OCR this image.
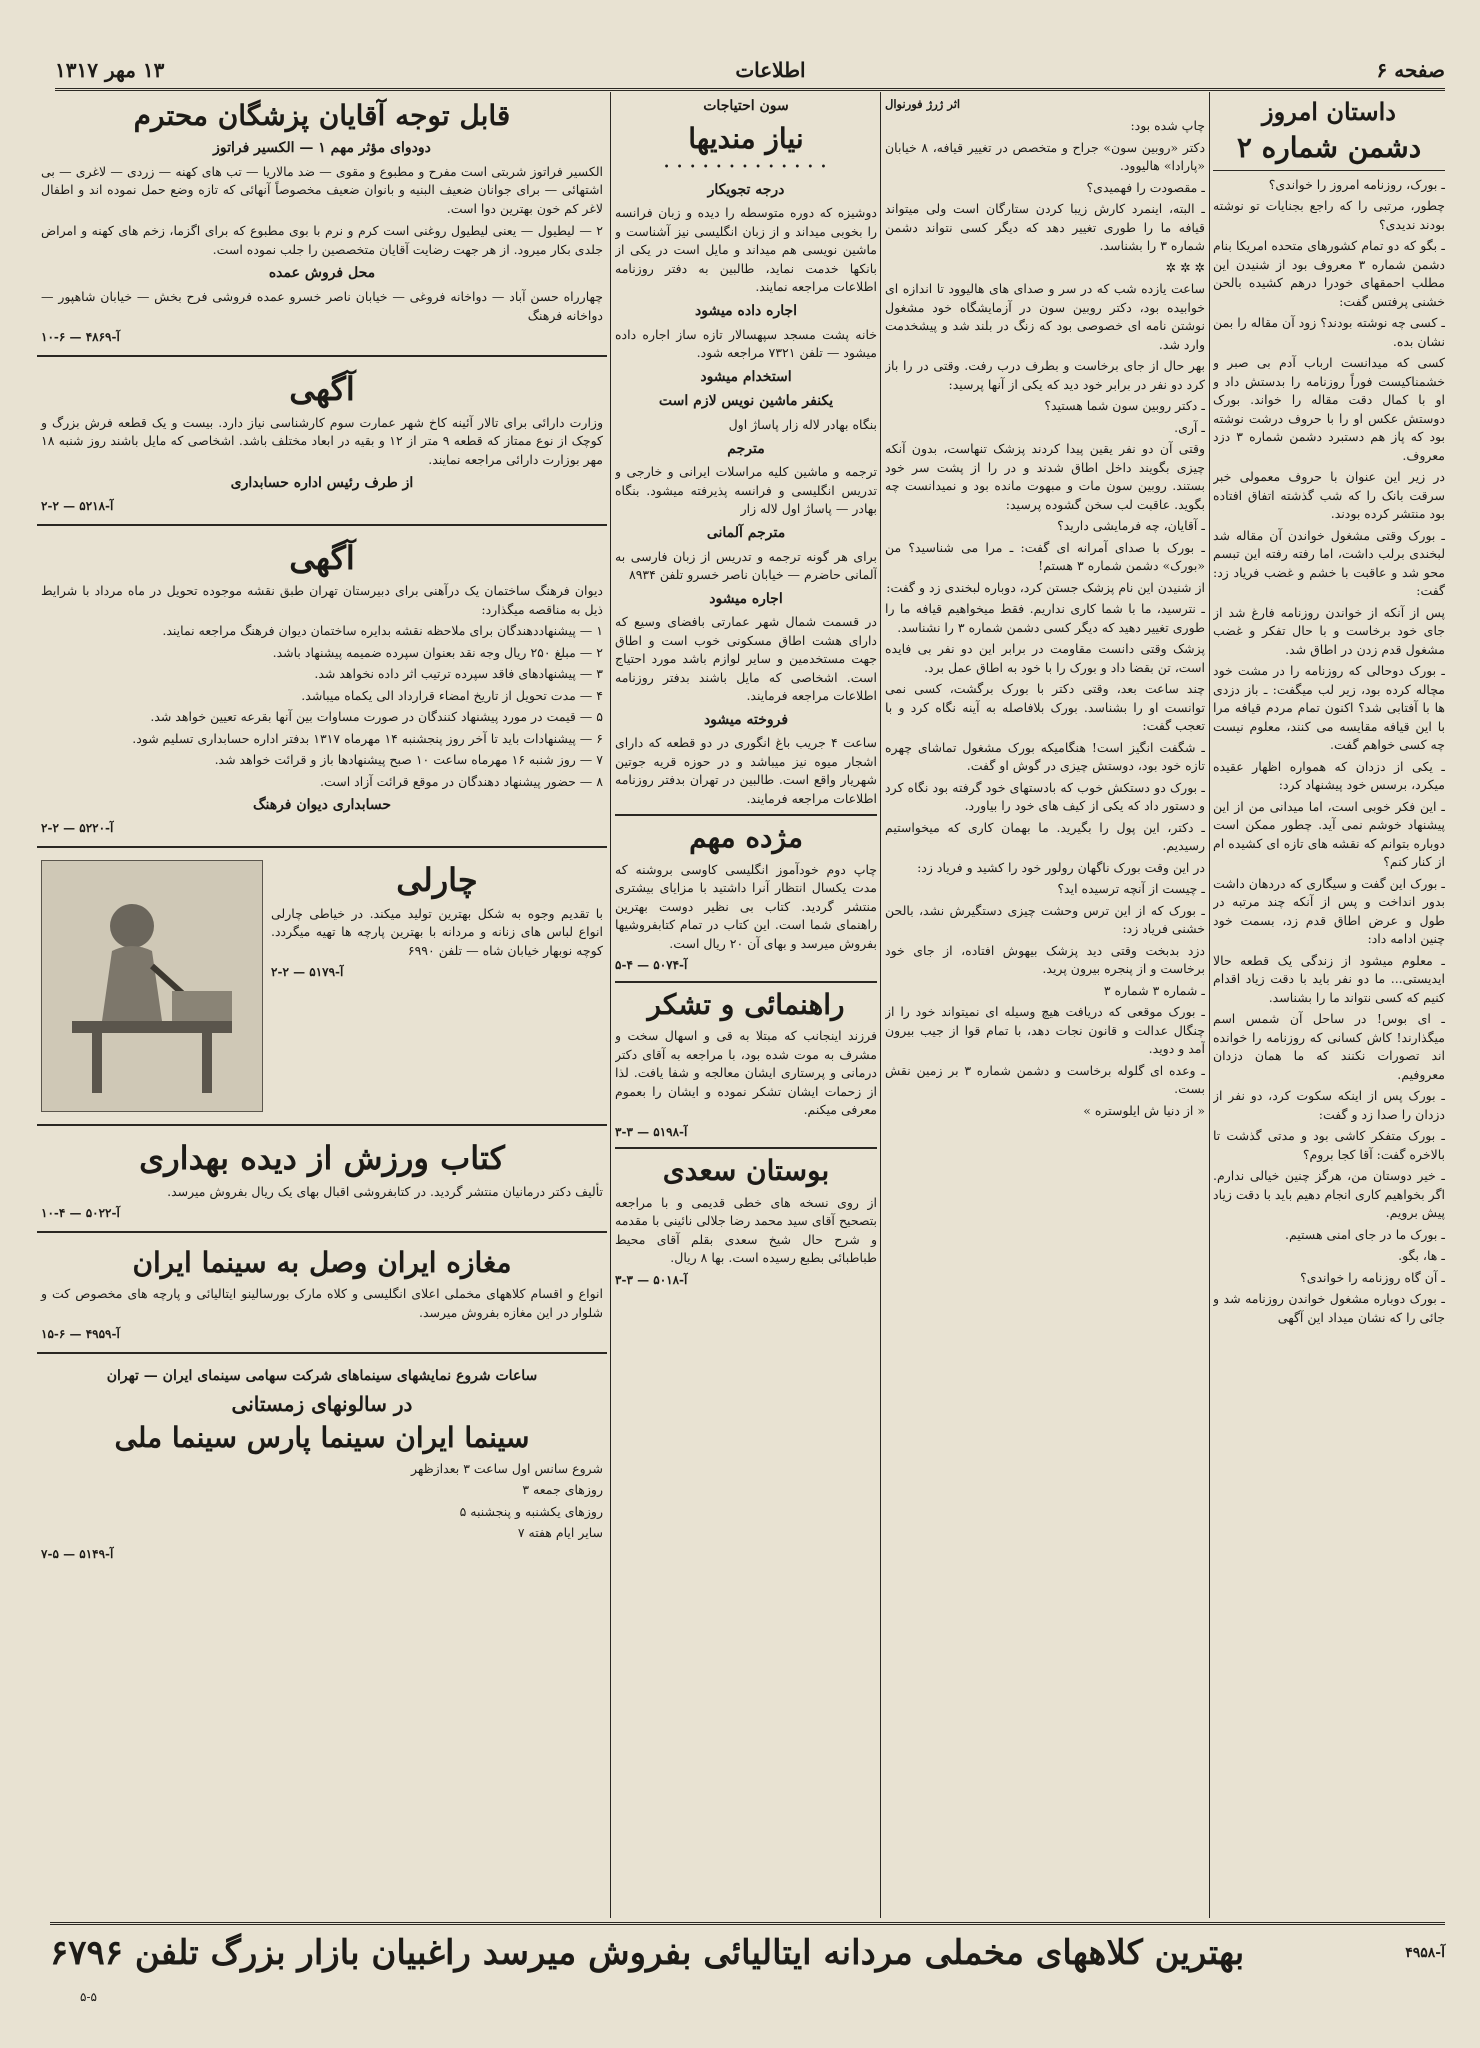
صفحه ۶
اطلاعات
۱۳ مهر ۱۳۱۷
داستان امروز
دشمن شماره ۲
ـ بورک، روزنامه امروز را خواندی؟
چطور، مرتبی را که راجع بجنایات تو نوشته بودند ندیدی؟
ـ بگو که دو تمام کشورهای متحده امریکا بنام دشمن شماره ۳ معروف بود از شنیدن این مطلب احمقهای خودرا درهم کشیده بالحن خشنی پرفتس گفت:
ـ کسی چه نوشته بودند؟ زود آن مقاله را بمن نشان بده.
کسی که میدانست ارباب آدم بی صبر و خشمناکیست فوراً روزنامه را بدستش داد و او با کمال دقت مقاله را خواند. بورک دوستش عکس او را با حروف درشت نوشته بود که پاز هم دستبرد دشمن شماره ۳ دزد معروف.
در زیر این عنوان با حروف معمولی خبر سرقت بانک را که شب گذشته اتفاق افتاده بود منتشر کرده بودند.
ـ بورک وقتی مشغول خواندن آن مقاله شد لبخندی برلب داشت، اما رفته رفته این تبسم محو شد و عاقبت با خشم و غضب فریاد زد: گفت:
پس از آنکه از خواندن روزنامه فارغ شد از جای خود برخاست و با حال تفکر و غضب مشغول قدم زدن در اطاق شد.
ـ بورک دوحالی که روزنامه را در مشت خود مچاله کرده بود، زیر لب میگفت: ـ باز دزدی ها با آفتابی شد؟ اکنون تمام مردم قیافه مرا با این قیافه مقایسه می کنند، معلوم نیست چه کسی خواهم گفت.
ـ یکی از دزدان که همواره اظهار عقیده میکرد، برسس خود پیشنهاد کرد:
ـ این فکر خوبی است، اما میدانی من از این پیشنهاد خوشم نمی آید. چطور ممکن است دوباره بتوانم که نقشه های تازه ای کشیده ام از کنار کنم؟
ـ بورک این گفت و سیگاری که دردهان داشت بدور انداخت و پس از آنکه چند مرتبه در طول و عرض اطاق قدم زد، بسمت خود چنین ادامه داد:
ـ معلوم میشود از زندگی یک قطعه حالا ایدیستی... ما دو نفر باید با دقت زیاد اقدام کنیم که کسی نتواند ما را بشناسد.
ـ ای بوس! در ساحل آن شمس اسم میگذارند! کاش کسانی که روزنامه را خوانده اند تصورات نکنند که ما همان دزدان معروفیم.
ـ بورک پس از اینکه سکوت کرد، دو نفر از دزدان را صدا زد و گفت:
ـ بورک متفکر کاشی بود و مدتی گذشت تا بالاخره گفت: آقا کجا بروم؟
ـ خیر دوستان من، هرگز چنین خیالی ندارم. اگر بخواهیم کاری انجام دهیم باید با دقت زیاد پیش برویم.
ـ بورک ما در جای امنی هستیم.
ـ ها، بگو.
ـ آن گاه روزنامه را خواندی؟
ـ بورک دوباره مشغول خواندن روزنامه شد و جائی را که نشان میداد این آگهی
اثر ژرژ فورنوال
چاپ شده بود:
دکتر «روبین سون» جراح و متخصص در تغییر قیافه، ۸ خیابان «پارادا» هالیوود.
ـ مقصودت را فهمیدی؟
ـ البته، اینمرد کارش زیبا کردن ستارگان است ولی میتواند قیافه ما را طوری تغییر دهد که دیگر کسی نتواند دشمن شماره ۳ را بشناسد.
✲ ✲ ✲
ساعت یازده شب که در سر و صدای های هالیوود تا اندازه ای خوابیده بود، دکتر روبین سون در آزمایشگاه خود مشغول نوشتن نامه ای خصوصی بود که زنگ در بلند شد و پیشخدمت وارد شد.
بهر حال از جای برخاست و بطرف درب رفت. وقتی در را باز کرد دو نفر در برابر خود دید که یکی از آنها پرسید:
ـ دکتر روبین سون شما هستید؟
ـ آری.
وقتی آن دو نفر یقین پیدا کردند پزشک تنهاست، بدون آنکه چیزی بگویند داخل اطاق شدند و در را از پشت سر خود بستند. روبین سون مات و مبهوت مانده بود و نمیدانست چه بگوید. عاقبت لب سخن گشوده پرسید:
ـ آقایان، چه فرمایشی دارید؟
ـ بورک با صدای آمرانه ای گفت: ـ مرا می شناسید؟ من «بورک» دشمن شماره ۳ هستم!
از شنیدن این نام پزشک جستن کرد، دوباره لبخندی زد و گفت:
ـ نترسید، ما با شما کاری نداریم. فقط میخواهیم قیافه ما را طوری تغییر دهید که دیگر کسی دشمن شماره ۳ را نشناسد.
پزشک وقتی دانست مقاومت در برابر این دو نفر بی فایده است، تن بقضا داد و بورک را با خود به اطاق عمل برد.
چند ساعت بعد، وقتی دکتر با بورک برگشت، کسی نمی توانست او را بشناسد. بورک بلافاصله به آینه نگاه کرد و با تعجب گفت:
ـ شگفت انگیز است! هنگامیکه بورک مشغول تماشای چهره تازه خود بود، دوستش چیزی در گوش او گفت.
ـ بورک دو دستکش خوب که بادستهای خود گرفته بود نگاه کرد و دستور داد که یکی از کیف های خود را بیاورد.
ـ دکتر، این پول را بگیرید. ما بهمان کاری که میخواستیم رسیدیم.
در این وقت بورک ناگهان رولور خود را کشید و فریاد زد:
ـ چیست از آنچه ترسیده اید؟
ـ بورک که از این ترس وحشت چیزی دستگیرش نشد، بالحن خشنی فریاد زد:
دزد بدبخت وقتی دید پزشک بیهوش افتاده، از جای خود برخاست و از پنجره بیرون پرید.
ـ شماره ۳ شماره ۳
ـ بورک موقعی که دریافت هیچ وسیله ای نمیتواند خود را از چنگال عدالت و قانون نجات دهد، با تمام قوا از جیب بیرون آمد و دوید.
ـ وعده ای گلوله برخاست و دشمن شماره ۳ بر زمین نقش بست.
« از دنیا ش ایلوستره »
سون احتیاجات
نیاز مندیها
• • • • • • • • • • • • •
درجه تجویکار

دوشیزه که دوره متوسطه را دیده و زبان فرانسه را بخوبی میداند و از زبان انگلیسی نیز آشناست و ماشین نویسی هم میداند و مایل است در یکی از بانکها خدمت نماید، طالبین به دفتر روزنامه اطلاعات مراجعه نمایند.

اجاره داده میشود

خانه پشت مسجد سپهسالار تازه ساز اجاره داده میشود — تلفن ۷۳۲۱ مراجعه شود.

استخدام میشود
یکنفر ماشین نویس لازم است

بنگاه بهادر لاله زار پاساژ اول

مترجم

ترجمه و ماشین کلیه مراسلات ایرانی و خارجی و تدریس انگلیسی و فرانسه پذیرفته میشود. بنگاه بهادر — پاساژ اول لاله زار

مترجم آلمانی

برای هر گونه ترجمه و تدریس از زبان فارسی به آلمانی حاضرم — خیابان ناصر خسرو تلفن ۸۹۳۴

اجاره میشود

در قسمت شمال شهر عمارتی بافضای وسیع که دارای هشت اطاق مسکونی خوب است و اطاق جهت مستخدمین و سایر لوازم باشد مورد احتیاج است. اشخاصی که مایل باشند بدفتر روزنامه اطلاعات مراجعه فرمایند.

فروخته میشود

ساعت ۴ جریب باغ انگوری در دو قطعه که دارای اشجار میوه نیز میباشد و در حوزه قریه جوتین شهریار واقع است. طالبین در تهران بدفتر روزنامه اطلاعات مراجعه فرمایند.

مژده مهم

چاپ دوم خودآموز انگلیسی کاوسی بروشنه که مدت یکسال انتظار آنرا داشتید با مزایای بیشتری منتشر گردید. کتاب بی نظیر دوست بهترین راهنمای شما است. این کتاب در تمام کتابفروشیها بفروش میرسد و بهای آن ۲۰ ریال است.

آ-۵۰۷۴ — ۴-۵
راهنمائی و تشکر

فرزند اینجانب که مبتلا به قی و اسهال سخت و مشرف به موت شده بود، با مراجعه به آقای دکتر درمانی و پرستاری ایشان معالجه و شفا یافت. لذا از زحمات ایشان تشکر نموده و ایشان را بعموم معرفی میکنم.

آ-۵۱۹۸ — ۳-۳
بوستان سعدی

از روی نسخه های خطی قدیمی و با مراجعه بتصحیح آقای سید محمد رضا جلالی نائینی با مقدمه و شرح حال شیخ سعدی بقلم آقای محیط طباطبائی بطبع رسیده است. بها ۸ ریال.

آ-۵۰۱۸ — ۳-۳
قابل توجه آقایان پزشگان محترم
دودوای مؤثر مهم ۱ — الکسیر فراتوز

الکسیر فراتوز شربتی است مفرح و مطبوع و مقوی — ضد مالاریا — تب های کهنه — زردی — لاغری — بی اشتهائی — برای جوانان ضعیف البنیه و بانوان ضعیف مخصوصاً آنهائی که تازه وضع حمل نموده اند و اطفال لاغر کم خون بهترین دوا است.

۲ — لیطیول — یعنی لیطیول روغنی است کرم و نرم با بوی مطبوع که برای اگزما، زخم های کهنه و امراض جلدی بکار میرود. از هر جهت رضایت آقایان متخصصین را جلب نموده است.

محل فروش عمده

چهارراه حسن آباد — دواخانه فروغی — خیابان ناصر خسرو عمده فروشی فرح بخش — خیابان شاهپور — دواخانه فرهنگ

آ-۴۸۶۹ — ۶-۱۰
آگهی

وزارت دارائی برای تالار آئینه کاخ شهر عمارت سوم کارشناسی نیاز دارد. بیست و یک قطعه فرش بزرگ و کوچک از نوع ممتاز که قطعه ۹ متر از ۱۲ و بقیه در ابعاد مختلف باشد. اشخاصی که مایل باشند روز شنبه ۱۸ مهر بوزارت دارائی مراجعه نمایند.

از طرف رئیس اداره حسابداری
آ-۵۲۱۸ — ۲-۲
آگهی
دیوان فرهنگ ساختمان یک درآهنی برای دبیرستان تهران طبق نقشه موجوده تحویل در ماه مرداد با شرایط ذیل به مناقصه میگذارد:
۱ — پیشنهاددهندگان برای ملاحظه نقشه بدایره ساختمان دیوان فرهنگ مراجعه نمایند.
۲ — مبلغ ۲۵۰ ریال وجه نقد بعنوان سپرده ضمیمه پیشنهاد باشد.
۳ — پیشنهادهای فاقد سپرده ترتیب اثر داده نخواهد شد.
۴ — مدت تحویل از تاریخ امضاء قرارداد الی یکماه میباشد.
۵ — قیمت در مورد پیشنهاد کنندگان در صورت مساوات بین آنها بقرعه تعیین خواهد شد.
۶ — پیشنهادات باید تا آخر روز پنجشنبه ۱۴ مهرماه ۱۳۱۷ بدفتر اداره حسابداری تسلیم شود.
۷ — روز شنبه ۱۶ مهرماه ساعت ۱۰ صبح پیشنهادها باز و قرائت خواهد شد.
۸ — حضور پیشنهاد دهندگان در موقع قرائت آزاد است.
حسابداری دیوان فرهنگ
آ-۵۲۲۰ — ۲-۲
چارلی

با تقدیم وجوه به شکل بهترین تولید میکند. در خیاطی چارلی انواع لباس های زنانه و مردانه با بهترین پارچه ها تهیه میگردد. کوچه نوبهار خیابان شاه — تلفن ۶۹۹۰

آ-۵۱۷۹ — ۲-۲
کتاب ورزش از دیده بهداری

تألیف دکتر درمانیان منتشر گردید. در کتابفروشی اقبال بهای یک ریال بفروش میرسد.

آ-۵۰۲۲ — ۴-۱۰
مغازه ایران وصل به سینما ایران

انواع و اقسام کلاههای مخملی اعلای انگلیسی و کلاه مارک بورسالینو ایتالیائی و پارچه های مخصوص کت و شلوار در این مغازه بفروش میرسد.

آ-۴۹۵۹ — ۶-۱۵
ساعات شروع نمایشهای سینماهای شرکت سهامی سینمای ایران — تهران
در سالونهای زمستانی
سینما ایران سینما پارس سینما ملی
شروع سانس اول ساعت ۳ بعدازظهر
روزهای جمعه ۳
روزهای یکشنبه و پنجشنبه ۵
سایر ایام هفته ۷
آ-۵۱۴۹ — ۵-۷
آ-۴۹۵۸
بهترین کلاههای مخملی مردانه ایتالیائی بفروش میرسد راغبیان بازار بزرگ تلفن ۶۷۹۶
۵-۵
